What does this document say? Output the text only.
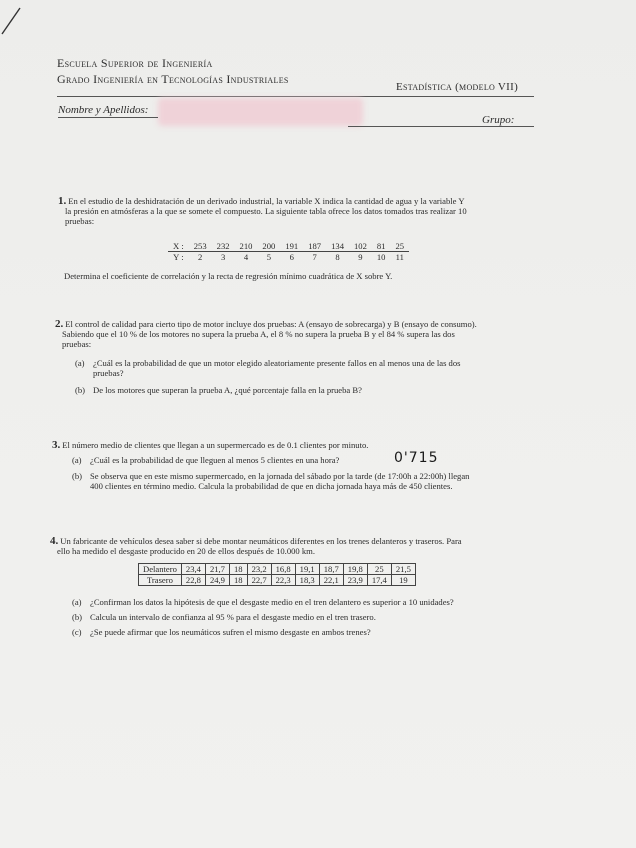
Escuela Superior de Ingeniería
Grado Ingeniería en Tecnologías Industriales
Estadística (modelo VII)
Nombre y Apellidos:
Grupo:
1. En el estudio de la deshidratación de un derivado industrial, la variable X indica la cantidad de agua y la variable Y
la presión en atmósferas a la que se somete el compuesto. La siguiente tabla ofrece los datos tomados tras realizar 10
pruebas:
X :	253	232	210	200	191	187	134	102	81	25
Y :	2	3	4	5	6	7	8	9	10	11
Determina el coeficiente de correlación y la recta de regresión mínimo cuadrática de X sobre Y.
2. El control de calidad para cierto tipo de motor incluye dos pruebas: A (ensayo de sobrecarga) y B (ensayo de consumo).
Sabiendo que el 10 % de los motores no supera la prueba A, el 8 % no supera la prueba B y el 84 % supera las dos
pruebas:
(a) ¿Cuál es la probabilidad de que un motor elegido aleatoriamente presente fallos en al menos una de las dos
pruebas?
(b) De los motores que superan la prueba A, ¿qué porcentaje falla en la prueba B?
3. El número medio de clientes que llegan a un supermercado es de 0.1 clientes por minuto.
(a) ¿Cuál es la probabilidad de que lleguen al menos 5 clientes en una hora?	0'715
(b) Se observa que en este mismo supermercado, en la jornada del sábado por la tarde (de 17:00h a 22:00h) llegan
400 clientes en término medio. Calcula la probabilidad de que en dicha jornada haya más de 450 clientes.
4. Un fabricante de vehículos desea saber si debe montar neumáticos diferentes en los trenes delanteros y traseros. Para
ello ha medido el desgaste producido en 20 de ellos después de 10.000 km.
Delantero	23,4	21,7	18	23,2	16,8	19,1	18,7	19,8	25	21,5
Trasero	22,8	24,9	18	22,7	22,3	18,3	22,1	23,9	17,4	19
(a) ¿Confirman los datos la hipótesis de que el desgaste medio en el tren delantero es superior a 10 unidades?
(b) Calcula un intervalo de confianza al 95 % para el desgaste medio en el tren trasero.
(c) ¿Se puede afirmar que los neumáticos sufren el mismo desgaste en ambos trenes?
